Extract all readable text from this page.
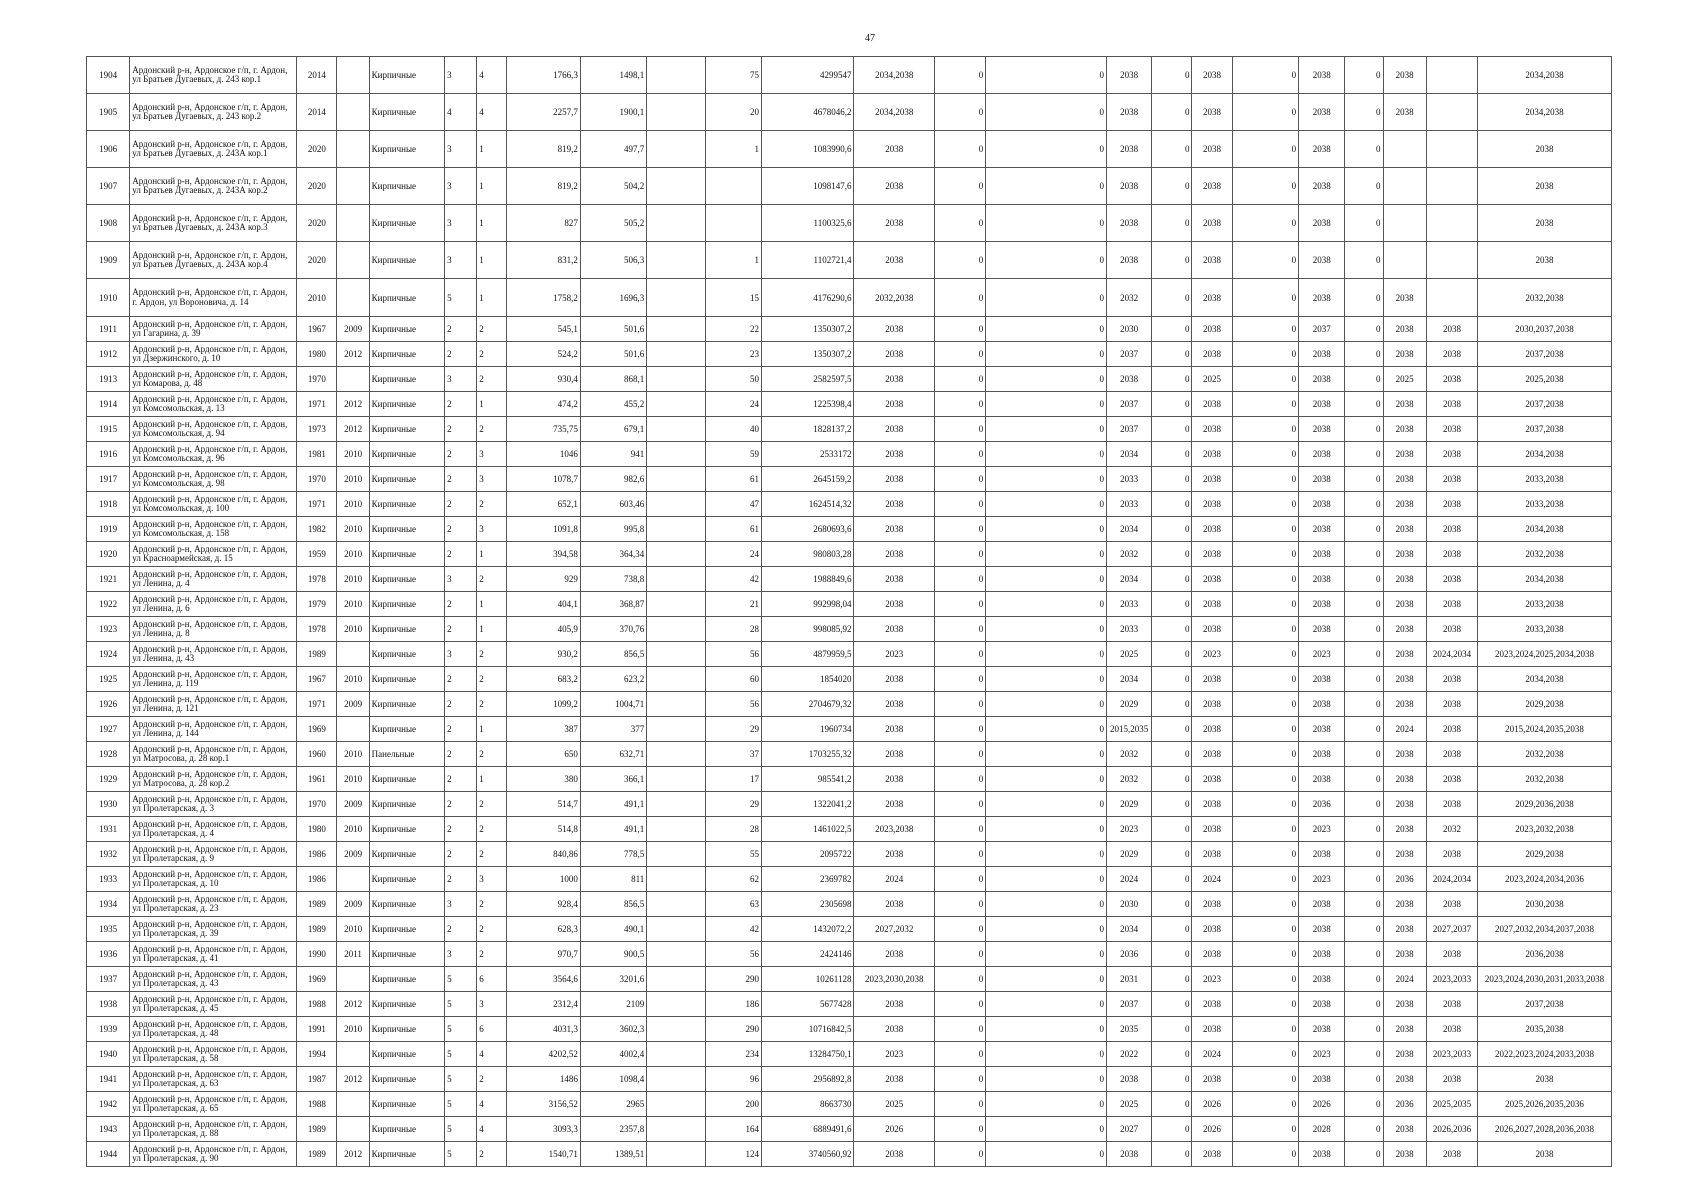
47
1904	Ардонский р-н, Ардонское г/п, г. Ардон, ул Братьев Дугаевых, д. 243 кор.1	2014		Кирпичные	3	4	1766,3	1498,1		75	4299547	2034,2038	0	0	2038	0	2038	0	2038	0	2038		2034,2038
1905	Ардонский р-н, Ардонское г/п, г. Ардон, ул Братьев Дугаевых, д. 243 кор.2	2014		Кирпичные	4	4	2257,7	1900,1		20	4678046,2	2034,2038	0	0	2038	0	2038	0	2038	0	2038		2034,2038
1906	Ардонский р-н, Ардонское г/п, г. Ардон, ул Братьев Дугаевых, д. 243А кор.1	2020		Кирпичные	3	1	819,2	497,7		1	1083990,6	2038	0	0	2038	0	2038	0	2038	0			2038
1907	Ардонский р-н, Ардонское г/п, г. Ардон, ул Братьев Дугаевых, д. 243А кор.2	2020		Кирпичные	3	1	819,2	504,2			1098147,6	2038	0	0	2038	0	2038	0	2038	0			2038
1908	Ардонский р-н, Ардонское г/п, г. Ардон, ул Братьев Дугаевых, д. 243А кор.3	2020		Кирпичные	3	1	827	505,2			1100325,6	2038	0	0	2038	0	2038	0	2038	0			2038
1909	Ардонский р-н, Ардонское г/п, г. Ардон, ул Братьев Дугаевых, д. 243А кор.4	2020		Кирпичные	3	1	831,2	506,3		1	1102721,4	2038	0	0	2038	0	2038	0	2038	0			2038
1910	Ардонский р-н, Ардонское г/п, г. Ардон, г. Ардон, ул Вороновича, д. 14	2010		Кирпичные	5	1	1758,2	1696,3		15	4176290,6	2032,2038	0	0	2032	0	2038	0	2038	0	2038		2032,2038
1911	Ардонский р-н, Ардонское г/п, г. Ардон, ул Гагарина, д. 39	1967	2009	Кирпичные	2	2	545,1	501,6		22	1350307,2	2038	0	0	2030	0	2038	0	2037	0	2038	2038	2030,2037,2038
1912	Ардонский р-н, Ардонское г/п, г. Ардон, ул Дзержинского, д. 10	1980	2012	Кирпичные	2	2	524,2	501,6		23	1350307,2	2038	0	0	2037	0	2038	0	2038	0	2038	2038	2037,2038
1913	Ардонский р-н, Ардонское г/п, г. Ардон, ул Комарова, д. 48	1970		Кирпичные	3	2	930,4	868,1		50	2582597,5	2038	0	0	2038	0	2025	0	2038	0	2025	2038	2025,2038
1914	Ардонский р-н, Ардонское г/п, г. Ардон, ул Комсомольская, д. 13	1971	2012	Кирпичные	2	1	474,2	455,2		24	1225398,4	2038	0	0	2037	0	2038	0	2038	0	2038	2038	2037,2038
1915	Ардонский р-н, Ардонское г/п, г. Ардон, ул Комсомольская, д. 94	1973	2012	Кирпичные	2	2	735,75	679,1		40	1828137,2	2038	0	0	2037	0	2038	0	2038	0	2038	2038	2037,2038
1916	Ардонский р-н, Ардонское г/п, г. Ардон, ул Комсомольская, д. 96	1981	2010	Кирпичные	2	3	1046	941		59	2533172	2038	0	0	2034	0	2038	0	2038	0	2038	2038	2034,2038
1917	Ардонский р-н, Ардонское г/п, г. Ардон, ул Комсомольская, д. 98	1970	2010	Кирпичные	2	3	1078,7	982,6		61	2645159,2	2038	0	0	2033	0	2038	0	2038	0	2038	2038	2033,2038
1918	Ардонский р-н, Ардонское г/п, г. Ардон, ул Комсомольская, д. 100	1971	2010	Кирпичные	2	2	652,1	603,46		47	1624514,32	2038	0	0	2033	0	2038	0	2038	0	2038	2038	2033,2038
1919	Ардонский р-н, Ардонское г/п, г. Ардон, ул Комсомольская, д. 158	1982	2010	Кирпичные	2	3	1091,8	995,8		61	2680693,6	2038	0	0	2034	0	2038	0	2038	0	2038	2038	2034,2038
1920	Ардонский р-н, Ардонское г/п, г. Ардон, ул Красноармейская, д. 15	1959	2010	Кирпичные	2	1	394,58	364,34		24	980803,28	2038	0	0	2032	0	2038	0	2038	0	2038	2038	2032,2038
1921	Ардонский р-н, Ардонское г/п, г. Ардон, ул Ленина, д. 4	1978	2010	Кирпичные	3	2	929	738,8		42	1988849,6	2038	0	0	2034	0	2038	0	2038	0	2038	2038	2034,2038
1922	Ардонский р-н, Ардонское г/п, г. Ардон, ул Ленина, д. 6	1979	2010	Кирпичные	2	1	404,1	368,87		21	992998,04	2038	0	0	2033	0	2038	0	2038	0	2038	2038	2033,2038
1923	Ардонский р-н, Ардонское г/п, г. Ардон, ул Ленина, д. 8	1978	2010	Кирпичные	2	1	405,9	370,76		28	998085,92	2038	0	0	2033	0	2038	0	2038	0	2038	2038	2033,2038
1924	Ардонский р-н, Ардонское г/п, г. Ардон, ул Ленина, д. 43	1989		Кирпичные	3	2	930,2	856,5		56	4879959,5	2023	0	0	2025	0	2023	0	2023	0	2038	2024,2034	2023,2024,2025,2034,2038
1925	Ардонский р-н, Ардонское г/п, г. Ардон, ул Ленина, д. 119	1967	2010	Кирпичные	2	2	683,2	623,2		60	1854020	2038	0	0	2034	0	2038	0	2038	0	2038	2038	2034,2038
1926	Ардонский р-н, Ардонское г/п, г. Ардон, ул Ленина, д. 121	1971	2009	Кирпичные	2	2	1099,2	1004,71		56	2704679,32	2038	0	0	2029	0	2038	0	2038	0	2038	2038	2029,2038
1927	Ардонский р-н, Ардонское г/п, г. Ардон, ул Ленина, д. 144	1969		Кирпичные	2	1	387	377		29	1960734	2038	0	0	2015,2035	0	2038	0	2038	0	2024	2038	2015,2024,2035,2038
1928	Ардонский р-н, Ардонское г/п, г. Ардон, ул Матросова, д. 28 кор.1	1960	2010	Панельные	2	2	650	632,71		37	1703255,32	2038	0	0	2032	0	2038	0	2038	0	2038	2038	2032,2038
1929	Ардонский р-н, Ардонское г/п, г. Ардон, ул Матросова, д. 28 кор.2	1961	2010	Кирпичные	2	1	380	366,1		17	985541,2	2038	0	0	2032	0	2038	0	2038	0	2038	2038	2032,2038
1930	Ардонский р-н, Ардонское г/п, г. Ардон, ул Пролетарская, д. 3	1970	2009	Кирпичные	2	2	514,7	491,1		29	1322041,2	2038	0	0	2029	0	2038	0	2036	0	2038	2038	2029,2036,2038
1931	Ардонский р-н, Ардонское г/п, г. Ардон, ул Пролетарская, д. 4	1980	2010	Кирпичные	2	2	514,8	491,1		28	1461022,5	2023,2038	0	0	2023	0	2038	0	2023	0	2038	2032	2023,2032,2038
1932	Ардонский р-н, Ардонское г/п, г. Ардон, ул Пролетарская, д. 9	1986	2009	Кирпичные	2	2	840,86	778,5		55	2095722	2038	0	0	2029	0	2038	0	2038	0	2038	2038	2029,2038
1933	Ардонский р-н, Ардонское г/п, г. Ардон, ул Пролетарская, д. 10	1986		Кирпичные	2	3	1000	811		62	2369782	2024	0	0	2024	0	2024	0	2023	0	2036	2024,2034	2023,2024,2034,2036
1934	Ардонский р-н, Ардонское г/п, г. Ардон, ул Пролетарская, д. 23	1989	2009	Кирпичные	3	2	928,4	856,5		63	2305698	2038	0	0	2030	0	2038	0	2038	0	2038	2038	2030,2038
1935	Ардонский р-н, Ардонское г/п, г. Ардон, ул Пролетарская, д. 39	1989	2010	Кирпичные	2	2	628,3	490,1		42	1432072,2	2027,2032	0	0	2034	0	2038	0	2038	0	2038	2027,2037	2027,2032,2034,2037,2038
1936	Ардонский р-н, Ардонское г/п, г. Ардон, ул Пролетарская, д. 41	1990	2011	Кирпичные	3	2	970,7	900,5		56	2424146	2038	0	0	2036	0	2038	0	2038	0	2038	2038	2036,2038
1937	Ардонский р-н, Ардонское г/п, г. Ардон, ул Пролетарская, д. 43	1969		Кирпичные	5	6	3564,6	3201,6		290	10261128	2023,2030,2038	0	0	2031	0	2023	0	2038	0	2024	2023,2033	2023,2024,2030,2031,2033,2038
1938	Ардонский р-н, Ардонское г/п, г. Ардон, ул Пролетарская, д. 45	1988	2012	Кирпичные	5	3	2312,4	2109		186	5677428	2038	0	0	2037	0	2038	0	2038	0	2038	2038	2037,2038
1939	Ардонский р-н, Ардонское г/п, г. Ардон, ул Пролетарская, д. 48	1991	2010	Кирпичные	5	6	4031,3	3602,3		290	10716842,5	2038	0	0	2035	0	2038	0	2038	0	2038	2038	2035,2038
1940	Ардонский р-н, Ардонское г/п, г. Ардон, ул Пролетарская, д. 58	1994		Кирпичные	5	4	4202,52	4002,4		234	13284750,1	2023	0	0	2022	0	2024	0	2023	0	2038	2023,2033	2022,2023,2024,2033,2038
1941	Ардонский р-н, Ардонское г/п, г. Ардон, ул Пролетарская, д. 63	1987	2012	Кирпичные	5	2	1486	1098,4		96	2956892,8	2038	0	0	2038	0	2038	0	2038	0	2038	2038	2038
1942	Ардонский р-н, Ардонское г/п, г. Ардон, ул Пролетарская, д. 65	1988		Кирпичные	5	4	3156,52	2965		200	8663730	2025	0	0	2025	0	2026	0	2026	0	2036	2025,2035	2025,2026,2035,2036
1943	Ардонский р-н, Ардонское г/п, г. Ардон, ул Пролетарская, д. 88	1989		Кирпичные	5	4	3093,3	2357,8		164	6889491,6	2026	0	0	2027	0	2026	0	2028	0	2038	2026,2036	2026,2027,2028,2036,2038
1944	Ардонский р-н, Ардонское г/п, г. Ардон, ул Пролетарская, д. 90	1989	2012	Кирпичные	5	2	1540,71	1389,51		124	3740560,92	2038	0	0	2038	0	2038	0	2038	0	2038	2038	2038
